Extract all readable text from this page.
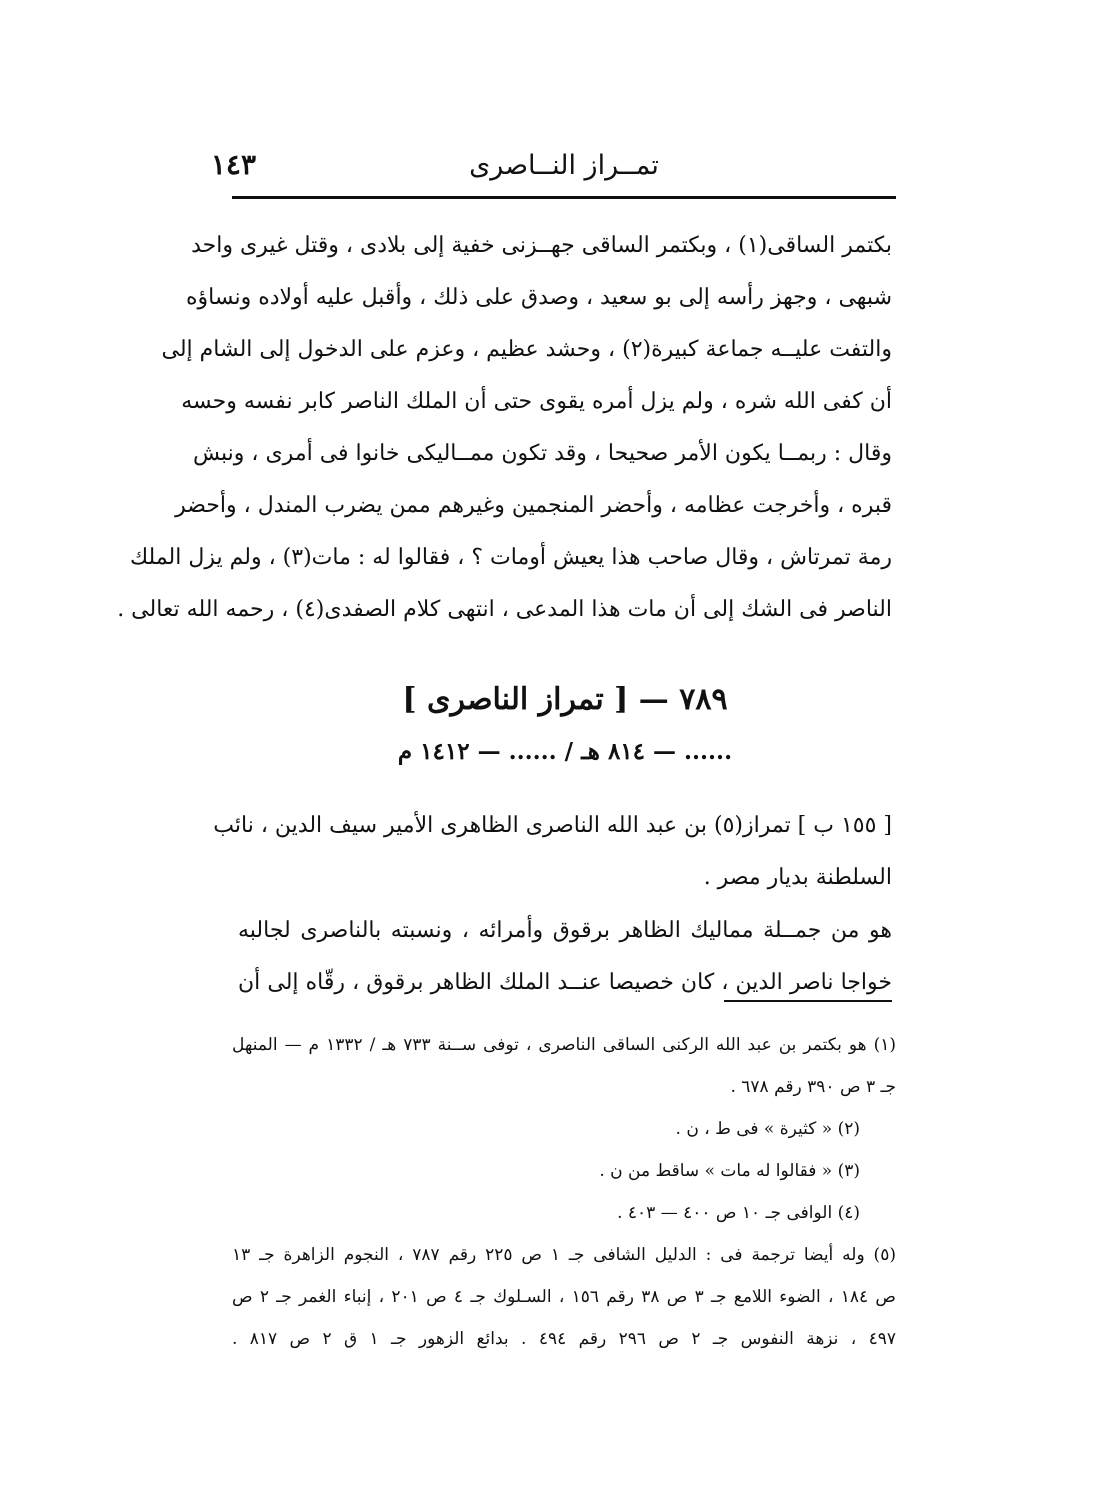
تمــراز النــاصرى
١٤٣
بكتمر الساقى(١) ، وبكتمر الساقى جهــزنى خفية إلى بلادى ، وقتل غيرى واحد
شبهى ، وجهز رأسه إلى بو سعيد ، وصدق على ذلك ، وأقبل عليه أولاده ونساؤه
والتفت عليــه جماعة كبيرة(٢) ، وحشد عظيم ، وعزم على الدخول إلى الشام إلى
أن كفى الله شره ، ولم يزل أمره يقوى حتى أن الملك الناصر كابر نفسه وحسه
وقال : ربمــا يكون الأمر صحيحا ، وقد تكون ممــاليكى خانوا فى أمرى ، ونبش
قبره ، وأخرجت عظامه ، وأحضر المنجمين وغيرهم ممن يضرب المندل ، وأحضر
رمة تمرتاش ، وقال صاحب هذا يعيش أومات ؟ ، فقالوا له : مات(٣) ، ولم يزل الملك
الناصر فى الشك إلى أن مات هذا المدعى ، انتهى كلام الصفدى(٤) ، رحمه الله تعالى .
٧٨٩ — [ تمراز الناصرى ]
...... — ٨١٤ هـ / ...... — ١٤١٢ م
[ ١٥٥ ب ] تمراز(٥) بن عبد الله الناصرى الظاهرى الأمير سيف الدين ، نائب
السلطنة بديار مصر .
هو من جمــلة مماليك الظاهر برقوق وأمرائه ، ونسبته بالناصرى لجالبه
خواجا ناصر الدين ، كان خصيصا عنــد الملك الظاهر برقوق ، رقّاه إلى أن
(١) هو بكتمر بن عبد الله الركنى الساقى الناصرى ، توفى ســنة ٧٣٣ هـ / ١٣٣٢ م — المنهل
جـ ٣ ص ٣٩٠ رقم ٦٧٨ .
(٢) « كثيرة » فى ط ، ن .
(٣) « فقالوا له مات » ساقط من ن .
(٤) الوافى جـ ١٠ ص ٤٠٠ — ٤٠٣ .
(٥) وله أيضا ترجمة فى : الدليل الشافى جـ ١ ص ٢٢٥ رقم ٧٨٧ ، النجوم الزاهرة جـ ١٣
ص ١٨٤ ، الضوء اللامع جـ ٣ ص ٣٨ رقم ١٥٦ ، السـلوك جـ ٤ ص ٢٠١ ، إنباء الغمر جـ ٢ ص
٤٩٧ ، نزهة النفوس جـ ٢ ص ٢٩٦ رقم ٤٩٤ . بدائع الزهور جـ ١ ق ٢ ص ٨١٧ .
